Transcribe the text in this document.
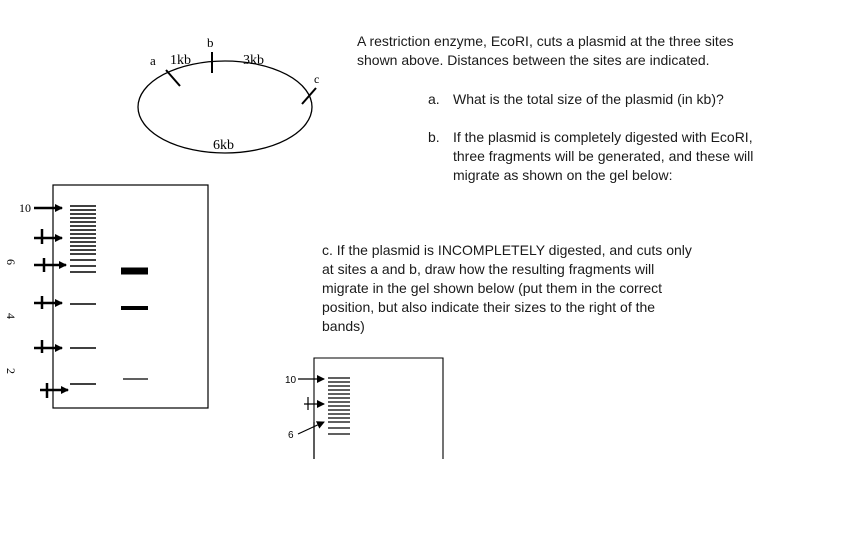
a
b
c
1kb	3kb
6kb
10
6
4
2
10
6
A restriction enzyme, EcoRI, cuts a plasmid at the three sites
shown above. Distances between the sites are indicated.
a. What is the total size of the plasmid (in kb)?
b. If the plasmid is completely digested with EcoRI,
three fragments will be generated, and these will
migrate as shown on the gel below:
c. If the plasmid is INCOMPLETELY digested, and cuts only
at sites a and b, draw how the resulting fragments will
migrate in the gel shown below (put them in the correct
position, but also indicate their sizes to the right of the
bands)
